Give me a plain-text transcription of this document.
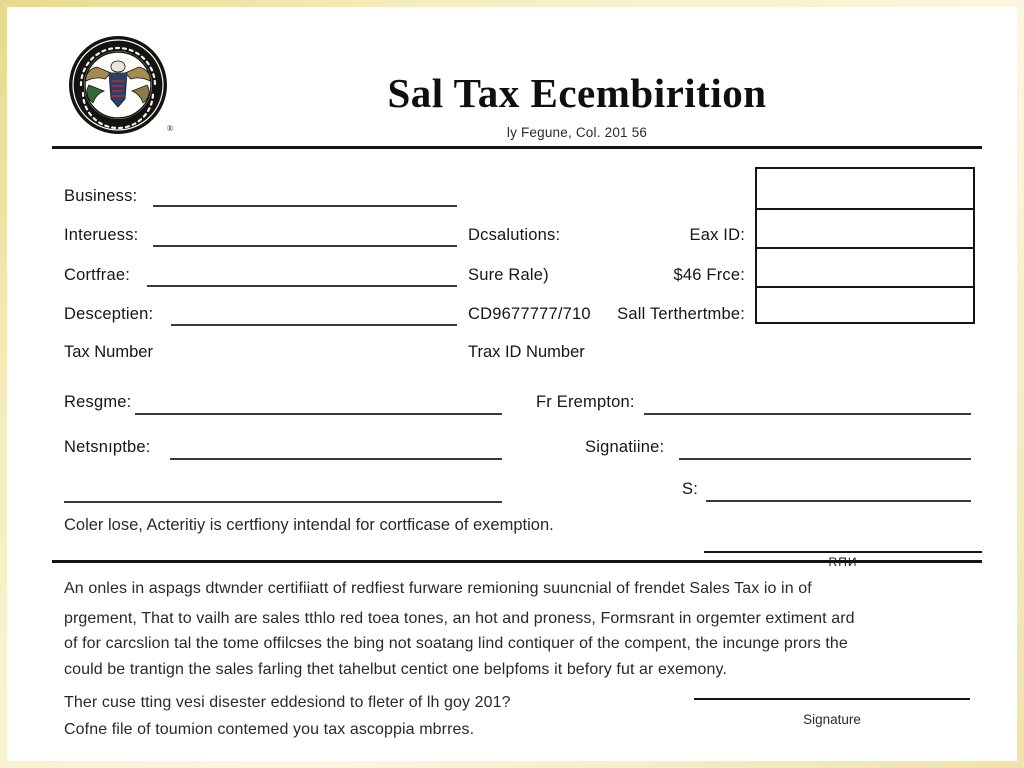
®
Sal Tax Ecembirition
ly Fegune, Col. 201 56
Business:
Interuess:
Cortfrae:
Desceptien:
Tax Number
Dcsalutions:
Sure Rale)
CD9677777/710
Trax ID Number
Eax ID:
$46 Frce:
Sall Terthertmbe:
Resgme:
Netsnıptbe:
Fr Erempton:
Signatiine:
S:
Coler lose, Acteritiy is certfiony intendal for cortficase of exemption.
RПИ
An onles in aspags dtwnder certifiiatt of redfiest furware remioning suuncnial of frendet Sales Tax io in of
prgement, That to vailh are sales tthlo red toea tones, an hot and proness, Formsrant in orgemter extiment ard
of for carcslion tal the tome offilcses the bing not soatang lind contiquer of the compent, the incunge prors the
could be trantign the sales farling thet tahelbut centict one belpfoms it befory fut ar exemony.
Ther cuse tting vesi disester eddesiond to fleter of lh goy 201?
Cofne file of toumion contemed you tax ascoppia mbrres.
Signature
